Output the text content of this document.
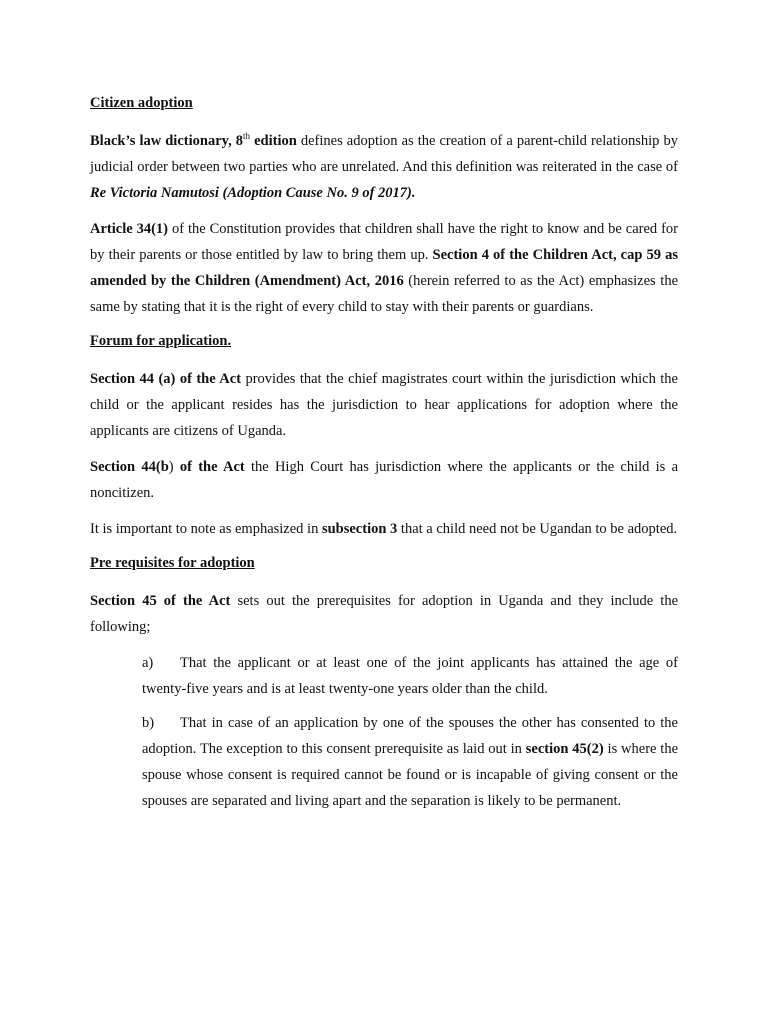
Citizen adoption

Black’s law dictionary, 8th edition defines adoption as the creation of a parent-child relationship by judicial order between two parties who are unrelated. And this definition was reiterated in the case of Re Victoria Namutosi (Adoption Cause No. 9 of 2017).

Article 34(1) of the Constitution provides that children shall have the right to know and be cared for by their parents or those entitled by law to bring them up. Section 4 of the Children Act, cap 59 as amended by the Children (Amendment) Act, 2016 (herein referred to as the Act) emphasizes the same by stating that it is the right of every child to stay with their parents or guardians.

Forum for application.

Section 44 (a) of the Act provides that the chief magistrates court within the jurisdiction which the child or the applicant resides has the jurisdiction to hear applications for adoption where the applicants are citizens of Uganda.

Section 44(b) of the Act the High Court has jurisdiction where the applicants or the child is a noncitizen.

It is important to note as emphasized in subsection 3 that a child need not be Ugandan to be adopted.

Pre requisites for adoption

Section 45 of the Act sets out the prerequisites for adoption in Uganda and they include the following;

a) That the applicant or at least one of the joint applicants has attained the age of twenty-five years and is at least twenty-one years older than the child.

b) That in case of an application by one of the spouses the other has consented to the adoption. The exception to this consent prerequisite as laid out in section 45(2) is where the spouse whose consent is required cannot be found or is incapable of giving consent or the spouses are separated and living apart and the separation is likely to be permanent.
